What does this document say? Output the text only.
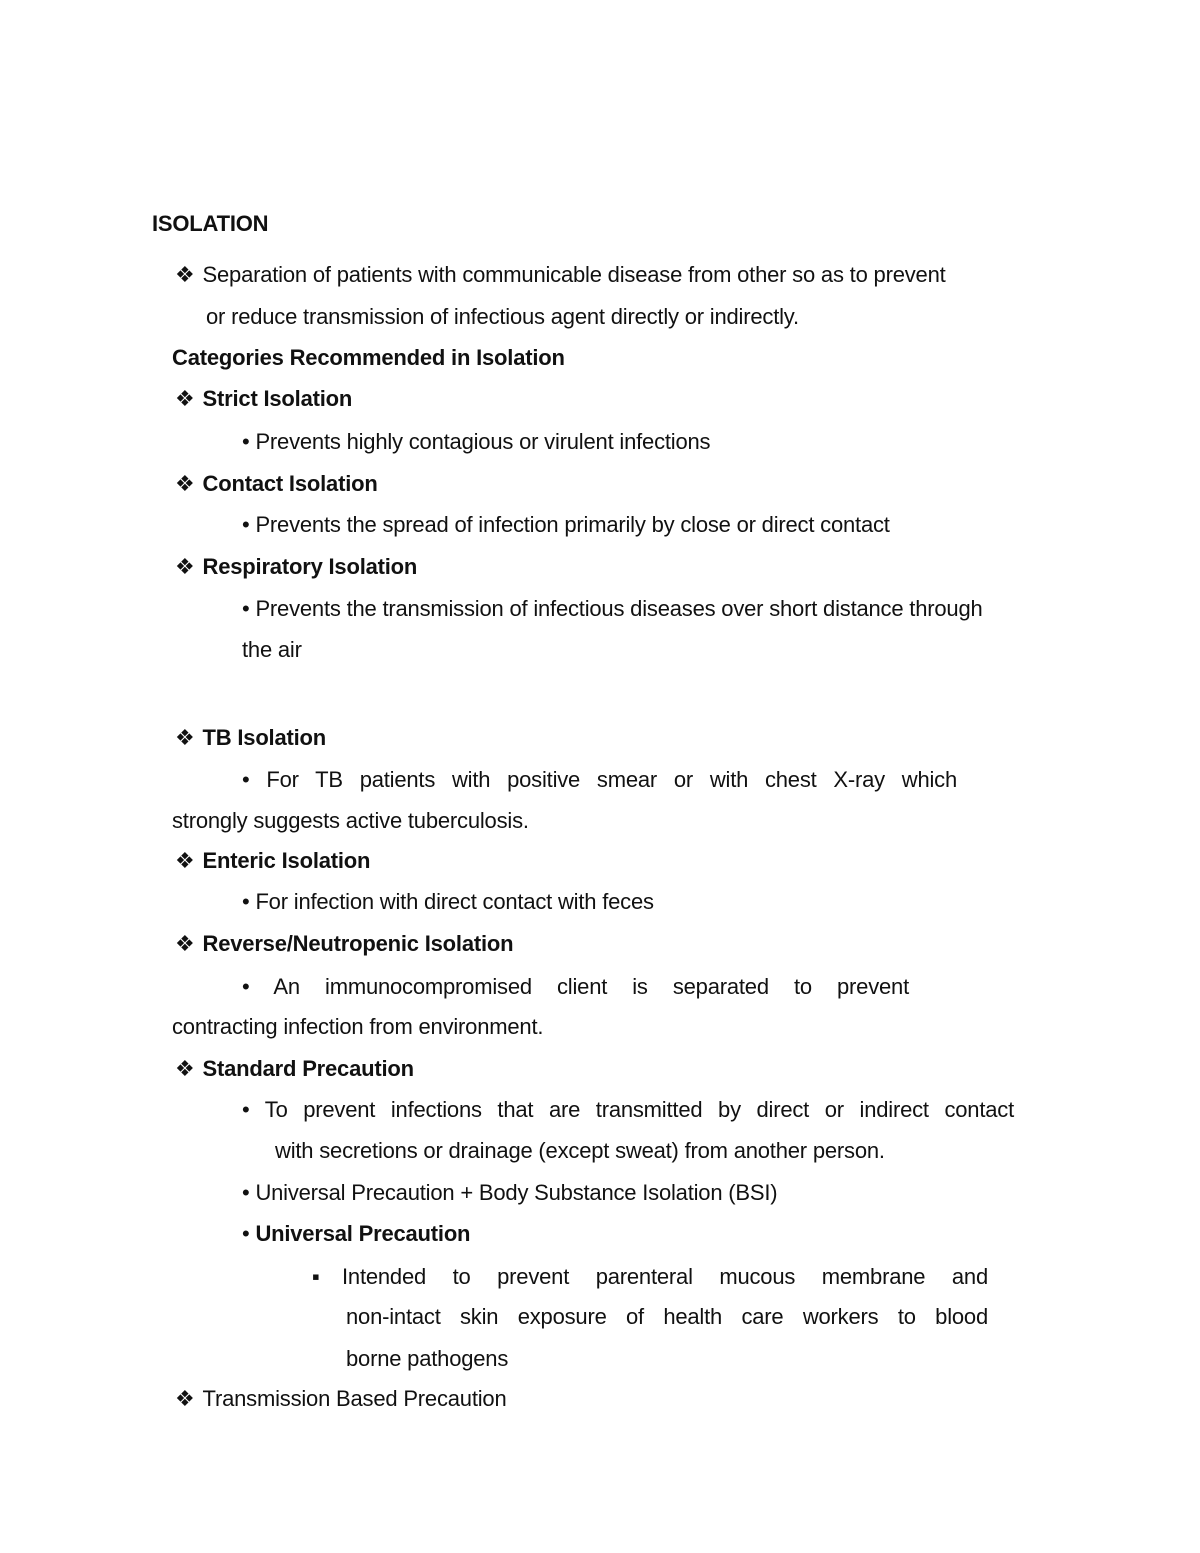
ISOLATION
❖ Separation of patients with communicable disease from other so as to prevent
or reduce transmission of infectious agent directly or indirectly.
Categories Recommended in Isolation
❖ Strict Isolation
• Prevents highly contagious or virulent infections
❖ Contact Isolation
• Prevents the spread of infection primarily by close or direct contact
❖ Respiratory Isolation
• Prevents the transmission of infectious diseases over short distance through
the air
❖ TB Isolation
• For TB patients with positive smear or with chest X-ray which
strongly suggests active tuberculosis.
❖ Enteric Isolation
• For infection with direct contact with feces
❖ Reverse/Neutropenic Isolation
• An immunocompromised client is separated to prevent
contracting infection from environment.
❖ Standard Precaution
• To prevent infections that are transmitted by direct or indirect contact
with secretions or drainage (except sweat) from another person.
• Universal Precaution + Body Substance Isolation (BSI)
• Universal Precaution
▪ Intended to prevent parenteral mucous membrane and
non-intact skin exposure of health care workers to blood
borne pathogens
❖ Transmission Based Precaution
